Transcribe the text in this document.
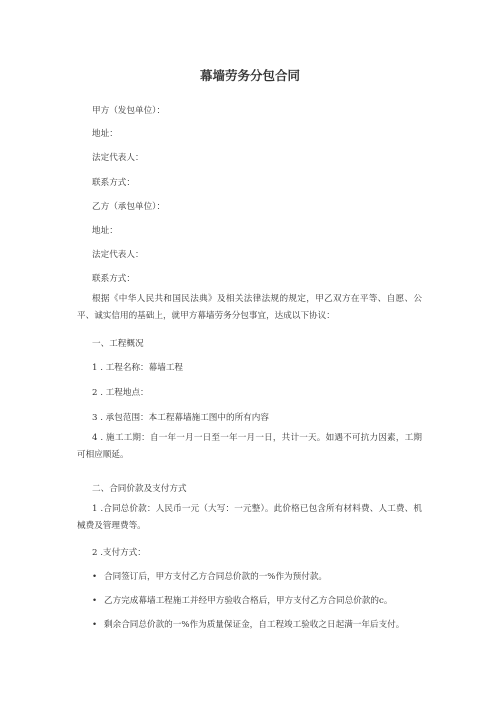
幕墙劳务分包合同
甲方（发包单位）：
地址：
法定代表人：
联系方式：
乙方（承包单位）：
地址：
法定代表人：
联系方式：
根据《中华人民共和国民法典》及相关法律法规的规定，甲乙双方在平等、自愿、公平、诚实信用的基础上，就甲方幕墙劳务分包事宜，达成以下协议：
一、工程概况
1 . 工程名称：幕墙工程
2 . 工程地点：
3 . 承包范围：本工程幕墙施工图中的所有内容
4 . 施工工期：自一年一月一日至一年一月一日，共计一天。如遇不可抗力因素，工期可相应顺延。
二、合同价款及支付方式
1 .合同总价款：人民币一元（大写：一元整）。此价格已包含所有材料费、人工费、机械费及管理费等。
2 .支付方式：
• 合同签订后，甲方支付乙方合同总价款的一%作为预付款。
• 乙方完成幕墙工程施工并经甲方验收合格后，甲方支付乙方合同总价款的c。
• 剩余合同总价款的一%作为质量保证金，自工程竣工验收之日起满一年后支付。
